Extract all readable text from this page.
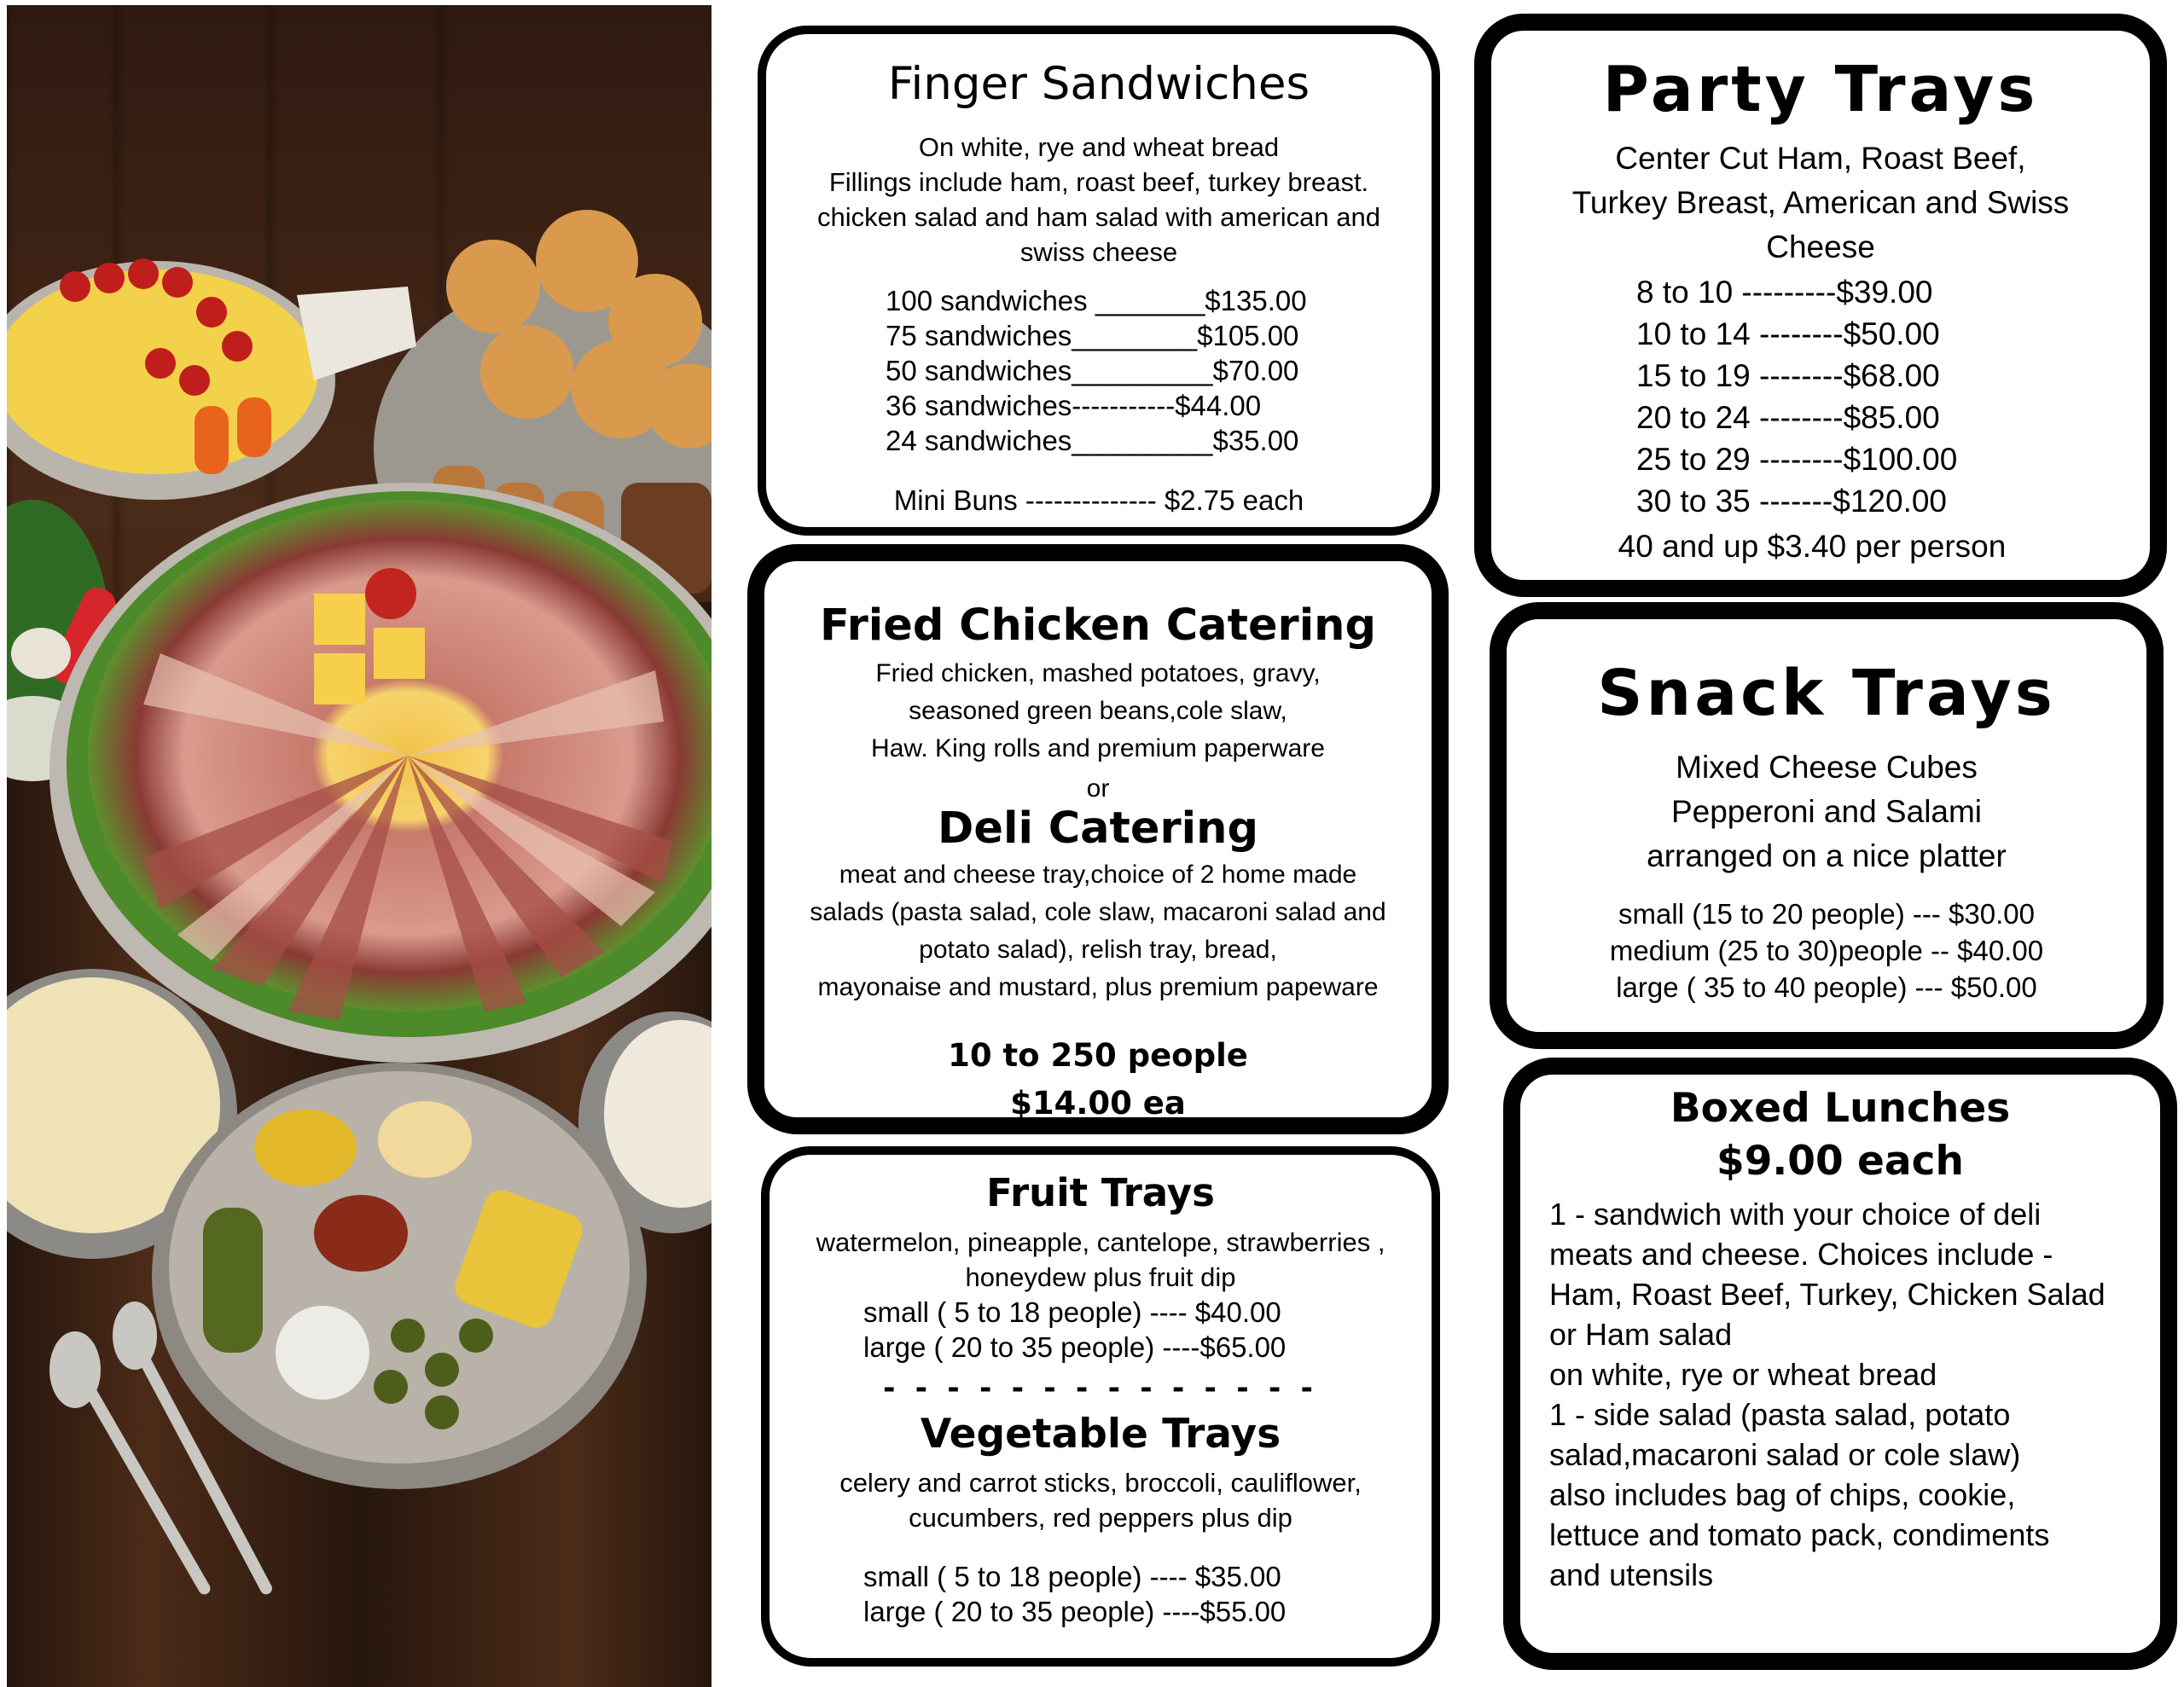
Finger Sandwiches
On white, rye and wheat bread
Fillings include ham, roast beef, turkey breast.
chicken salad and ham salad with american and
swiss cheese
100 sandwiches _______$135.00
75 sandwiches________$105.00
50 sandwiches_________$70.00
36 sandwiches-----------$44.00
24 sandwiches_________$35.00
Mini Buns -------------- $2.75 each
Fried Chicken Catering
Fried chicken, mashed potatoes, gravy,
seasoned green beans,cole slaw,
Haw. King rolls and premium paperware
or
Deli Catering
meat and cheese tray,choice of 2 home made
salads (pasta salad, cole slaw, macaroni salad and
potato salad), relish tray, bread,
mayonaise and mustard, plus premium papeware
10 to 250 people
$14.00 ea
Fruit Trays
watermelon, pineapple, cantelope, strawberries ,
honeydew plus fruit dip
small ( 5 to 18 people) ---- $40.00
large ( 20 to 35 people) ----$65.00
- - - - - - - - - - - - - -
Vegetable Trays
celery and carrot sticks, broccoli, cauliflower,
cucumbers, red peppers plus dip
small ( 5 to 18 people) ---- $35.00
large ( 20 to 35 people) ----$55.00
Party Trays
Center Cut Ham, Roast Beef,
Turkey Breast, American and Swiss
Cheese
8 to 10 ---------$39.00
10 to 14 --------$50.00
15 to 19 --------$68.00
20 to 24 --------$85.00
25 to 29 --------$100.00
30 to 35 -------$120.00
40 and up $3.40 per person
Snack Trays
Mixed Cheese Cubes
Pepperoni and Salami
arranged on a nice platter
small (15 to 20 people) --- $30.00
medium (25 to 30)people -- $40.00
large ( 35 to 40 people) --- $50.00
Boxed Lunches
$9.00 each
1 - sandwich with your choice of deli
meats and cheese. Choices include -
Ham, Roast Beef, Turkey, Chicken Salad
or Ham salad
on white, rye or wheat bread
1 - side salad (pasta salad, potato
salad,macaroni salad or cole slaw)
also includes bag of chips, cookie,
lettuce and tomato pack, condiments
and utensils
